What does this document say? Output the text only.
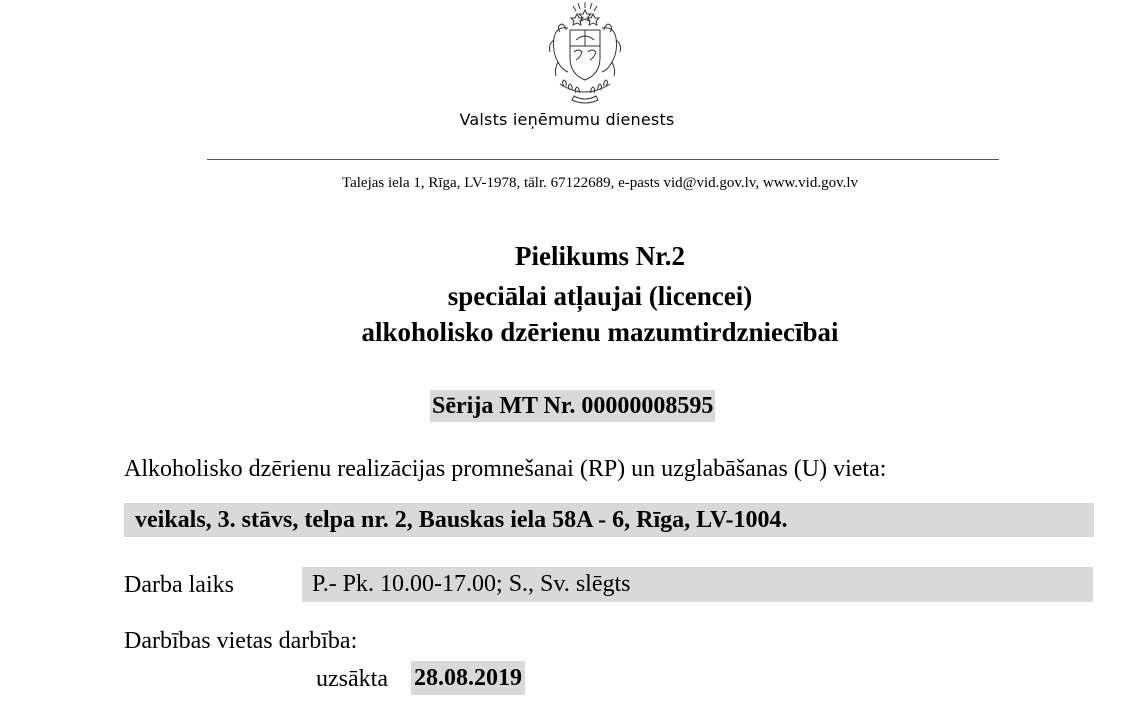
Valsts ieņēmumu dienests
Talejas iela 1, Rīga, LV-1978, tālr. 67122689, e-pasts vid@vid.gov.lv, www.vid.gov.lv
Pielikums Nr.2
speciālai atļaujai (licencei)
alkoholisko dzērienu mazumtirdzniecībai
Sērija MT Nr. 00000008595
Alkoholisko dzērienu realizācijas promnešanai (RP) un uzglabāšanas (U) vieta:
veikals, 3. stāvs, telpa nr. 2, Bauskas iela 58A - 6, Rīga, LV-1004.
Darba laiks	P.- Pk. 10.00-17.00; S., Sv. slēgts
Darbības vietas darbība:
uzsākta 28.08.2019
